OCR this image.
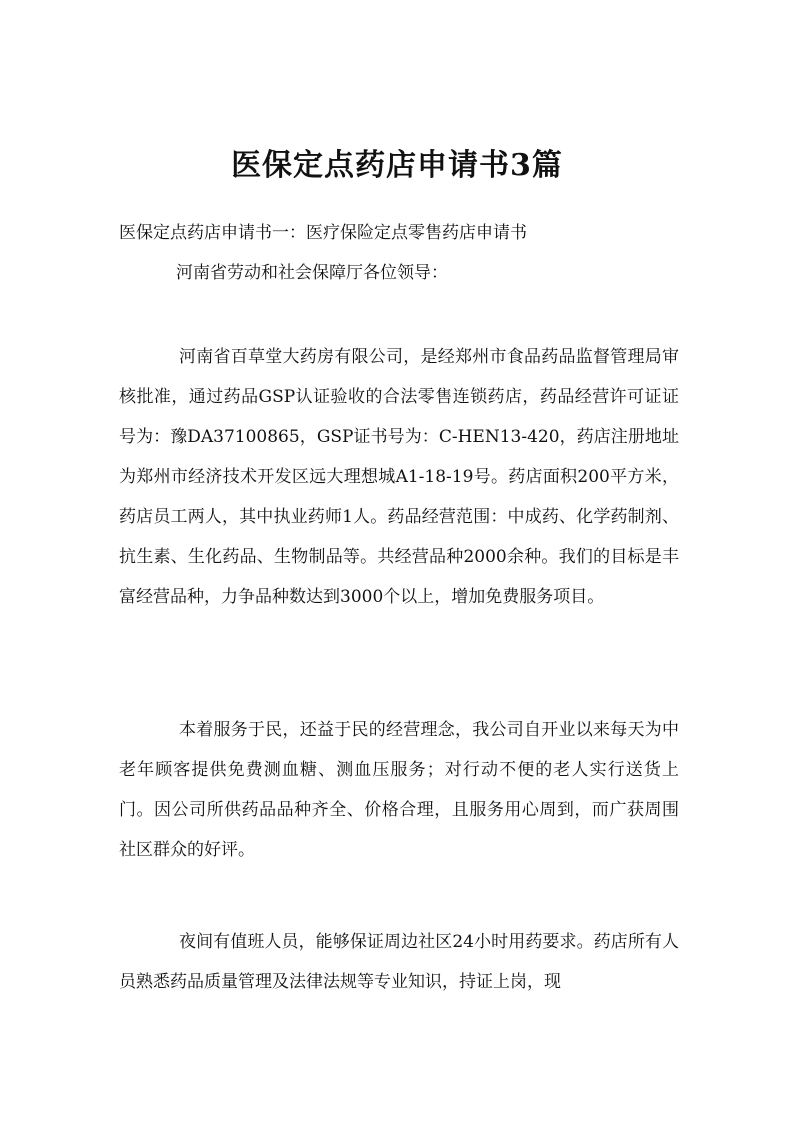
医保定点药店申请书3篇
医保定点药店申请书一：医疗保险定点零售药店申请书
河南省劳动和社会保障厅各位领导：
河南省百草堂大药房有限公司，是经郑州市食品药品监督管理局审核批准，通过药品GSP认证验收的合法零售连锁药店，药品经营许可证证号为：豫DA37100865，GSP证书号为：C-HEN13-420，药店注册地址为郑州市经济技术开发区远大理想城A1-18-19号。药店面积200平方米，药店员工两人，其中执业药师1人。药品经营范围：中成药、化学药制剂、抗生素、生化药品、生物制品等。共经营品种2000余种。我们的目标是丰富经营品种，力争品种数达到3000个以上，增加免费服务项目。
本着服务于民，还益于民的经营理念，我公司自开业以来每天为中老年顾客提供免费测血糖、测血压服务；对行动不便的老人实行送货上门。因公司所供药品品种齐全、价格合理，且服务用心周到，而广获周围社区群众的好评。
夜间有值班人员，能够保证周边社区24小时用药要求。药店所有人员熟悉药品质量管理及法律法规等专业知识，持证上岗，现
